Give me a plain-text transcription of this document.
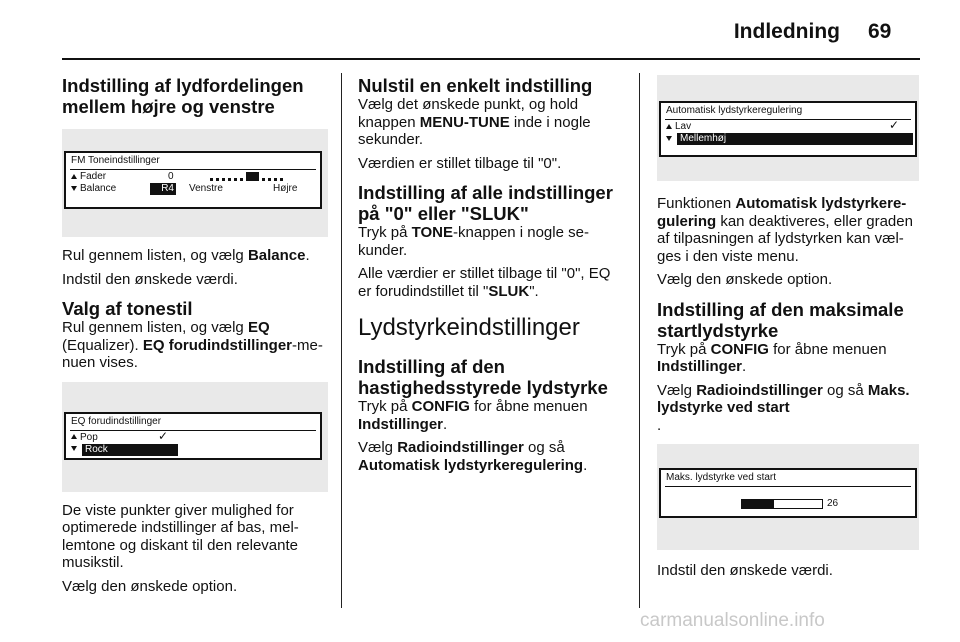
Indledning 69
Indstilling af lydfordelingen mellem højre og venstre
FM Toneindstillinger
Fader	0
Balance	R4 Venstre	Højre

Rul gennem listen, og vælg Balance.

Indstil den ønskede værdi.

Valg af tonestil

Rul gennem listen, og vælg EQ
(Equalizer). EQ forudindstillinger-me-nuen vises.

EQ forudindstillinger
Pop	✓
Rock

De viste punkter giver mulighed for optimerede indstillinger af bas, mel-lemtone og diskant til den relevante musikstil.

Vælg den ønskede option.

Nulstil en enkelt indstilling

Vælg det ønskede punkt, og hold knappen MENU-TUNE inde i nogle sekunder.

Værdien er stillet tilbage til "0".

Indstilling af alle indstillinger på "0" eller "SLUK"

Tryk på TONE-knappen i nogle se-kunder.

Alle værdier er stillet tilbage til "0", EQ er forudindstillet til "SLUK".

Lydstyrkeindstillinger
Indstilling af den hastighedsstyrede lydstyrke

Tryk på CONFIG for åbne menuen Indstillinger.

Vælg Radioindstillinger og så
Automatisk lydstyrkeregulering.

Automatisk lydstyrkeregulering
Lav	✓
Mellemhøj

Funktionen Automatisk lydstyrkere-gulering kan deaktiveres, eller graden af tilpasningen af lydstyrken kan væl-ges i den viste menu.

Vælg den ønskede option.

Indstilling af den maksimale startlydstyrke

Tryk på CONFIG for åbne menuen
Indstillinger.

Vælg Radioindstillinger og så Maks. lydstyrke ved start
.

Maks. lydstyrke ved start
26

Indstil den ønskede værdi.

carmanualsonline.info
